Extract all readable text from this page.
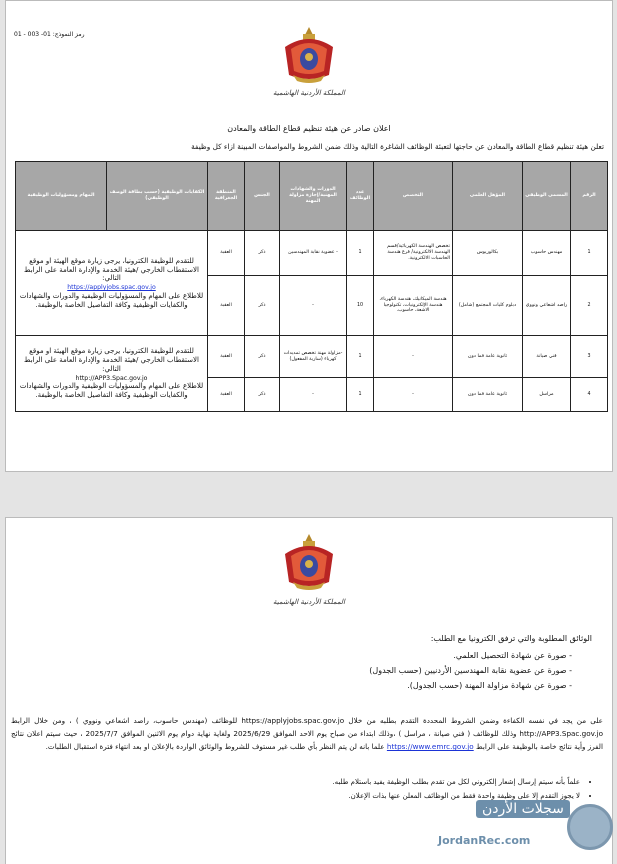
رمز النموذج: 01- 003 - 01
المملكة الأردنية الهاشمية
اعلان صادر عن هيئة تنظيم قطاع الطاقة والمعادن
تعلن هيئة تنظيم قطاع الطاقة والمعادن عن حاجتها لتعبئة الوظائف الشاغرة التالية وذلك ضمن الشروط والمواصفات المبينة ازاء كل وظيفة
الرقم	المسمى الوظيفي	المؤهل العلمي	التخصص	عدد الوظائف	الدورات والشهادات المهنية/إجازة مزاولة المهنة	الجنس	المنطقة الجغرافية	الكفايات الوظيفية (حسب بطاقة الوصف الوظيفي)	المهام ومسؤوليات الوظيفية
1	مهندس حاسوب	بكالوريوس	تخصص الهندسة الكهربائية/قسم الهندسة الالكترونية/ فرع هندسة الحاسبات الالكترونية.	1	- عضوية نقابة المهندسين	ذكر	العقبة	للتقدم للوظيفة الكترونيا، يرجى زيارة موقع الهيئة او موقع الاستقطاب الخارجي /هيئة الخدمة والإدارة العامة على الرابط التالي:
https://applyjobs.spac.gov.jo
للاطلاع على المهام والمسؤوليات الوظيفية والدورات والشهادات والكفايات الوظيفية وكافة التفاصيل الخاصة بالوظيفة.	
2	راصد اشعاعي ونووي	دبلوم كليات المجتمع (شامل)	هندسة الميكانيك، هندسة الكهرباء، هندسة الإلكترونيات، تكنولوجيا الاشعة، حاسوب.	10	-	ذكر	العقبة		
3	فني صيانة	ثانوية عامة فما دون	-	1	-مزاولة مهنة تخصص تمديدات كهرباء (سارية المفعول)	ذكر	العقبة	للتقدم للوظيفة الكترونيا، يرجى زيارة موقع الهيئة او موقع الاستقطاب الخارجي /هيئة الخدمة والإدارة العامة على الرابط التالي:
http://APP3.Spac.gov.jo
للاطلاع على المهام والمسؤوليات الوظيفية والدورات والشهادات والكفايات الوظيفية وكافة التفاصيل الخاصة بالوظيفة.	
4	مراسل	ثانوية عامة فما دون	-	1	-	ذكر	العقبة		
المملكة الأردنية الهاشمية
الوثائق المطلوبة والتي ترفق الكترونيا مع الطلب:
- صورة عن شهادة التحصيل العلمي.
- صورة عن عضوية نقابة المهندسين الأردنيين (حسب الجدول)
- صورة عن شهادة مزاولة المهنة (حسب الجدول).
على من يجد في نفسه الكفاءة وضمن الشروط المحددة التقدم بطلبه من خلال https://applyjobs.spac.gov.jo للوظائف (مهندس حاسوب، راصد اشعاعي ونووي ) ، ومن خلال الرابط http://APP3.Spac.gov.jo وذلك للوظائف ( فني صيانة ، مراسل ) ،وذلك ابتداء من صباح يوم الاحد الموافق 2025/6/29 ولغاية نهاية دوام يوم الاثنين الموافق 2025/7/7 ، حيث سيتم اعلان نتائج الفرز وأية نتائج خاصة بالوظيفة على الرابط https://www.emrc.gov.jo علما بانه لن يتم النظر بأي طلب غير مستوف للشروط والوثائق الواردة بالإعلان او بعد انتهاء فترة استقبال الطلبات.
• علماً بأنه سيتم إرسال إشعار إلكتروني لكل من تقدم بطلب الوظيفة يفيد باستلام طلبه.
• لا يجوز التقدم إلا على وظيفة واحدة فقط من الوظائف المعلن عنها بذات الإعلان.
سجلات الأردن
JordanRec.com
